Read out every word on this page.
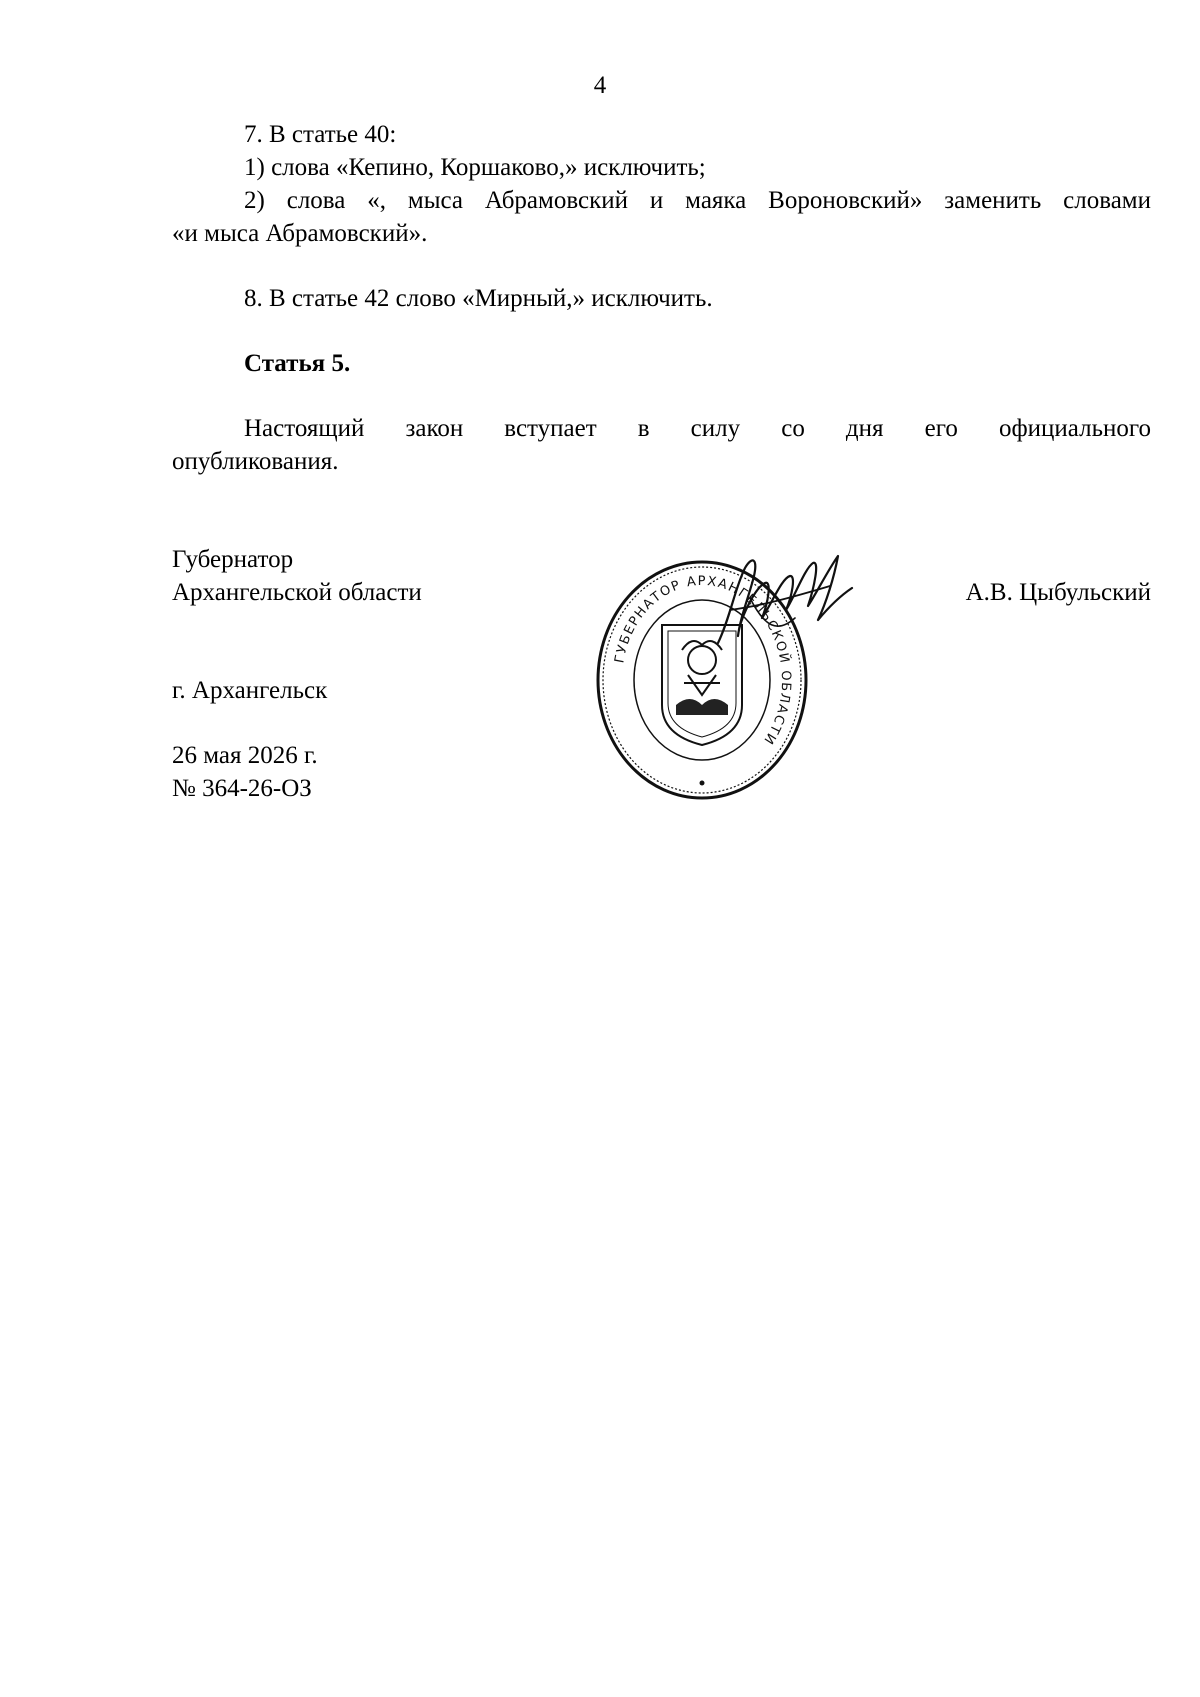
4
7. В статье 40:
1) слова «Кепино, Коршаково,» исключить;
2) слова «, мыса Абрамовский и маяка Вороновский» заменить словами
«и мыса Абрамовский».
8. В статье 42 слово «Мирный,» исключить.
Статья 5.
Настоящий закон вступает в силу со дня его официального
опубликования.
Губернатор
Архангельской области	А.В. Цыбульский
г. Архангельск
26 мая 2026 г.
№ 364-26-ОЗ
ГУБЕРНАТОР АРХАНГЕЛЬСКОЙ ОБЛАСТИ
